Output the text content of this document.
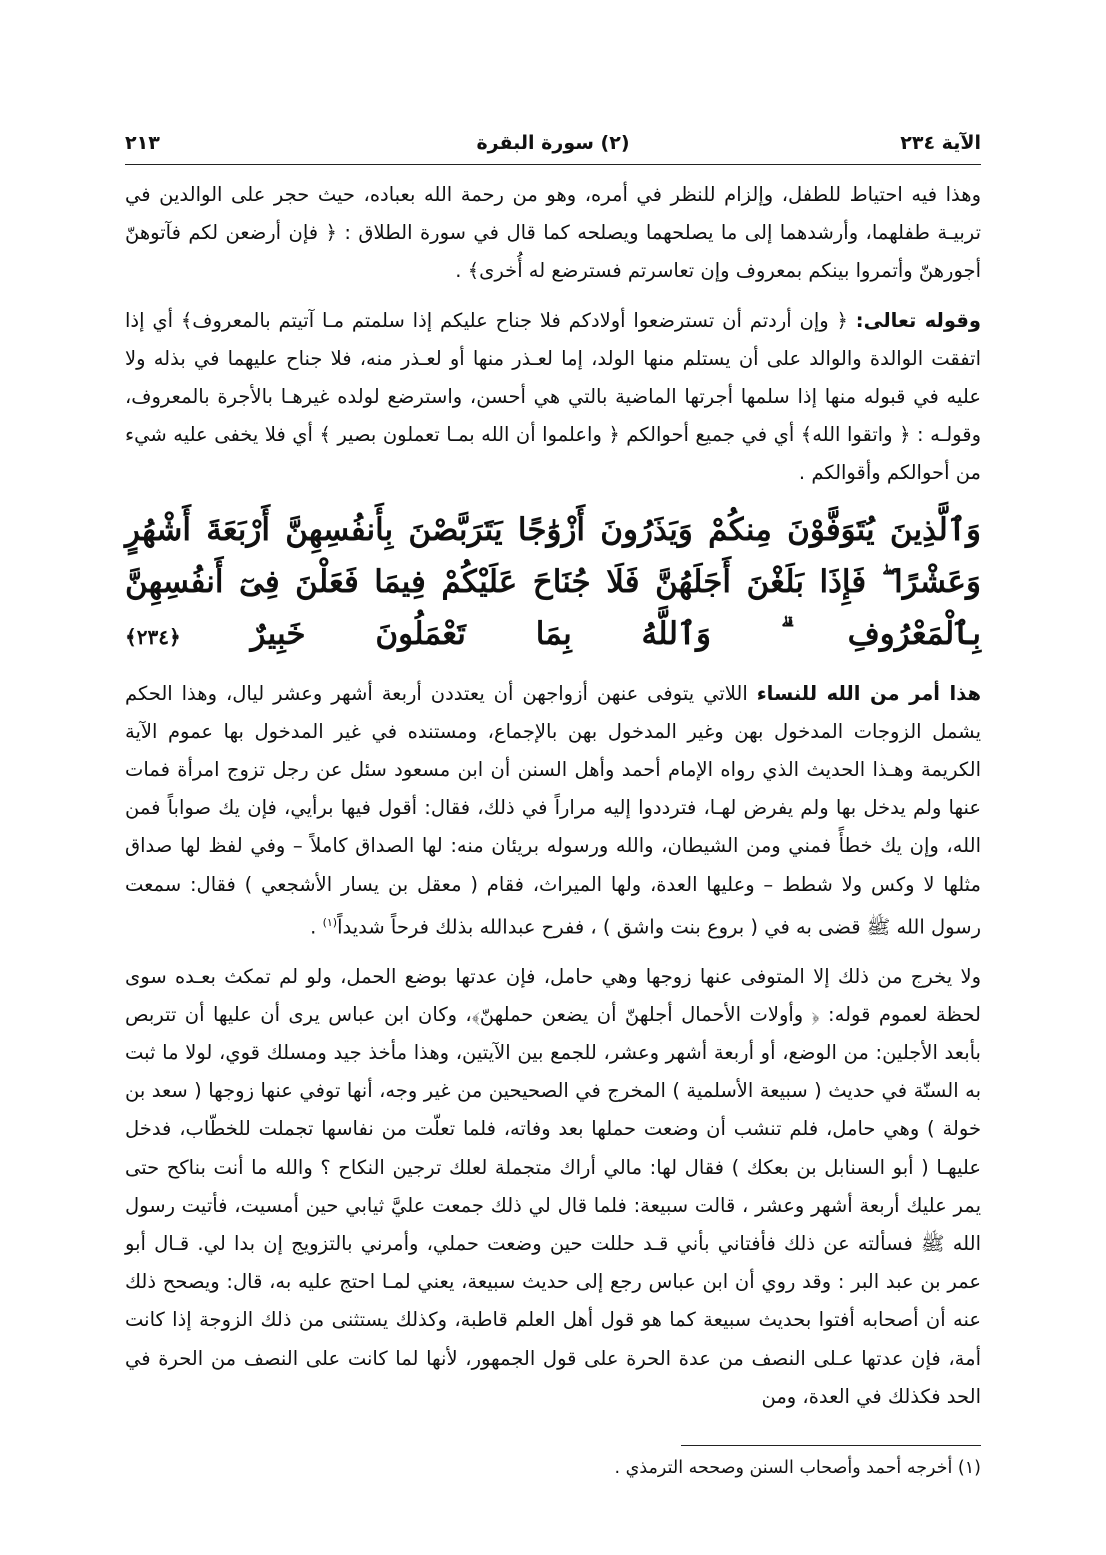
الآية ٢٣٤
(٢) سورة البقرة
٢١٣

وهذا فيه احتياط للطفل، وإلزام للنظر في أمره، وهو من رحمة الله بعباده، حيث حجر على الوالدين في تربيـة طفلهما، وأرشدهما إلى ما يصلحهما ويصلحه كما قال في سورة الطلاق : ﴿ فإن أرضعن لكم فآتوهنّ أجورهنّ وأتمروا بينكم بمعروف وإن تعاسرتم فسترضع له أُخرى﴾ .

وقوله تعالى: ﴿ وإن أردتم أن تسترضعوا أولادكم فلا جناح عليكم إذا سلمتم مـا آتيتم بالمعروف﴾ أي إذا اتفقت الوالدة والوالد على أن يستلم منها الولد، إما لعـذر منها أو لعـذر منه، فلا جناح عليهما في بذله ولا عليه في قبوله منها إذا سلمها أجرتها الماضية بالتي هي أحسن، واسترضع لولده غيرهـا بالأجرة بالمعروف، وقولـه : ﴿ واتقوا الله﴾ أي في جميع أحوالكم ﴿ واعلموا أن الله بمـا تعملون بصير ﴾ أي فلا يخفى عليه شيء من أحوالكم وأقوالكم .

وَٱلَّذِينَ يُتَوَفَّوْنَ مِنكُمْ وَيَذَرُونَ أَزْوَٰجًا يَتَرَبَّصْنَ بِأَنفُسِهِنَّ أَرْبَعَةَ أَشْهُرٍ وَعَشْرًا ۖ فَإِذَا بَلَغْنَ أَجَلَهُنَّ فَلَا جُنَاحَ عَلَيْكُمْ فِيمَا فَعَلْنَ فِىٓ أَنفُسِهِنَّ بِٱلْمَعْرُوفِ ۗ وَٱللَّهُ بِمَا تَعْمَلُونَ خَبِيرٌ ﴿٢٣٤﴾

هذا أمر من الله للنساء اللاتي يتوفى عنهن أزواجهن أن يعتددن أربعة أشهر وعشر ليال، وهذا الحكم يشمل الزوجات المدخول بهن وغير المدخول بهن بالإجماع، ومستنده في غير المدخول بها عموم الآية الكريمة وهـذا الحديث الذي رواه الإمام أحمد وأهل السنن أن ابن مسعود سئل عن رجل تزوج امرأة فمات عنها ولم يدخل بها ولم يفرض لهـا، فترددوا إليه مراراً في ذلك، فقال: أقول فيها برأيي، فإن يك صواباً فمن الله، وإن يك خطأً فمني ومن الشيطان، والله ورسوله بريئان منه: لها الصداق كاملاً – وفي لفظ لها صداق مثلها لا وكس ولا شطط – وعليها العدة، ولها الميراث، فقام ( معقل بن يسار الأشجعي ) فقال: سمعت رسول الله ﷺ قضى به في ( بروع بنت واشق ) ، ففرح عبدالله بذلك فرحاً شديداً$^{(١)}$ .

ولا يخرج من ذلك إلا المتوفى عنها زوجها وهي حامل، فإن عدتها بوضع الحمل، ولو لم تمكث بعـده سوى لحظة لعموم قوله: ﴿ وأولات الأحمال أجلهنّ أن يضعن حملهنّ﴾، وكان ابن عباس يرى أن عليها أن تتربص بأبعد الأجلين: من الوضع، أو أربعة أشهر وعشر، للجمع بين الآيتين، وهذا مأخذ جيد ومسلك قوي، لولا ما ثبت به السنّة في حديث ( سبيعة الأسلمية ) المخرج في الصحيحين من غير وجه، أنها توفي عنها زوجها ( سعد بن خولة ) وهي حامل، فلم تنشب أن وضعت حملها بعد وفاته، فلما تعلّت من نفاسها تجملت للخطّاب، فدخل عليهـا ( أبو السنابل بن بعكك ) فقال لها: مالي أراك متجملة لعلك ترجين النكاح ؟ والله ما أنت بناكح حتى يمر عليك أربعة أشهر وعشر ، قالت سبيعة: فلما قال لي ذلك جمعت عليَّ ثيابي حين أمسيت، فأتيت رسول الله ﷺ فسألته عن ذلك فأفتاني بأني قـد حللت حين وضعت حملي، وأمرني بالتزويج إن بدا لي. قـال أبو عمر بن عبد البر : وقد روي أن ابن عباس رجع إلى حديث سبيعة، يعني لمـا احتج عليه به، قال: ويصحح ذلك عنه أن أصحابه أفتوا بحديث سبيعة كما هو قول أهل العلم قاطبة، وكذلك يستثنى من ذلك الزوجة إذا كانت أمة، فإن عدتها عـلى النصف من عدة الحرة على قول الجمهور، لأنها لما كانت على النصف من الحرة في الحد فكذلك في العدة، ومن

(١) أخرجه أحمد وأصحاب السنن وصححه الترمذي .
